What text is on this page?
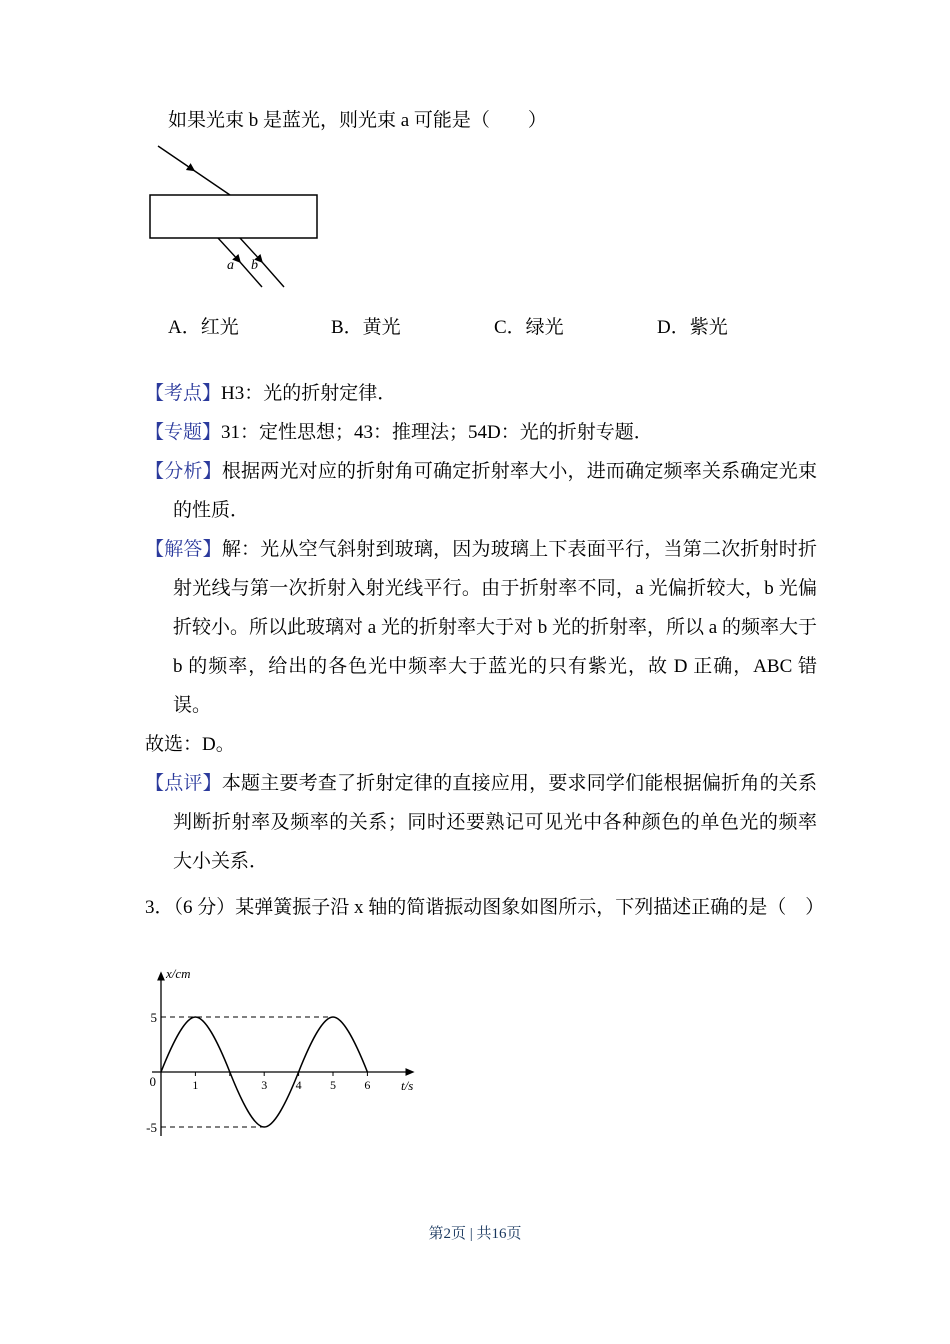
如果光束 b 是蓝光，则光束 a 可能是（　　）
a b
A．红光	B．黄光	C．绿光	D．紫光

【考点】H3：光的折射定律．

【专题】31：定性思想；43：推理法；54D：光的折射专题．

【分析】根据两光对应的折射角可确定折射率大小，进而确定频率关系确定光束的性质．

【解答】解：光从空气斜射到玻璃，因为玻璃上下表面平行，当第二次折射时折射光线与第一次折射入射光线平行。由于折射率不同，a 光偏折较大，b 光偏折较小。所以此玻璃对 a 光的折射率大于对 b 光的折射率，所以 a 的频率大于 b 的频率，给出的各色光中频率大于蓝光的只有紫光，故 D 正确，ABC 错误。

故选：D。

【点评】本题主要考查了折射定律的直接应用，要求同学们能根据偏折角的关系判断折射率及频率的关系；同时还要熟记可见光中各种颜色的单色光的频率大小关系．

3．（6 分）某弹簧振子沿 x 轴的简谐振动图象如图所示，下列描述正确的是（　）
x/cm
t/s
5
-5
0	1	3 4 5 6
第2页 | 共16页
